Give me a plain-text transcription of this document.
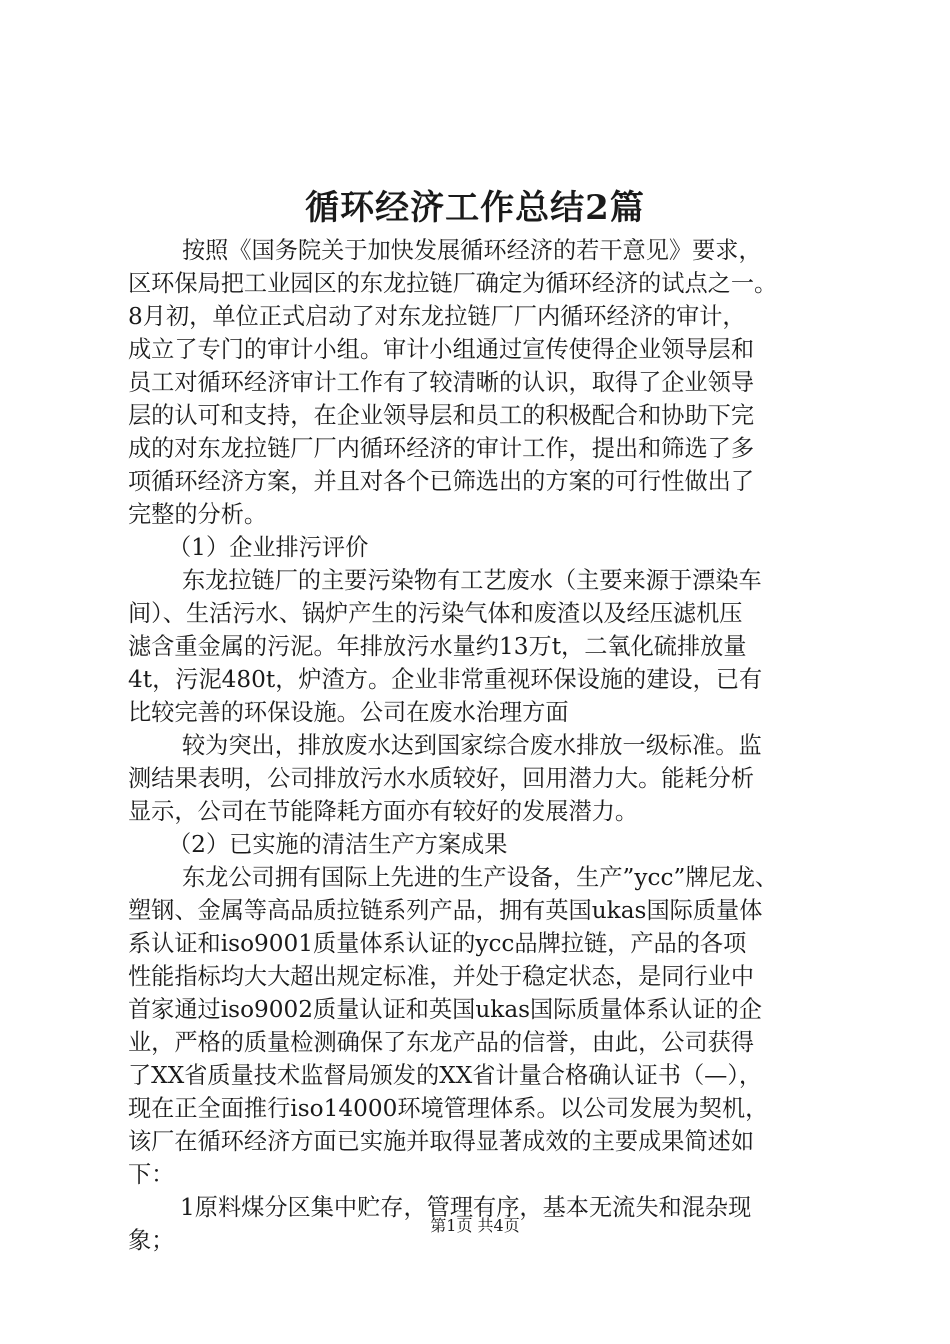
循环经济工作总结2篇
按照《国务院关于加快发展循环经济的若干意见》要求，
区环保局把工业园区的东龙拉链厂确定为循环经济的试点之一。
8月初，单位正式启动了对东龙拉链厂厂内循环经济的审计，
成立了专门的审计小组。审计小组通过宣传使得企业领导层和
员工对循环经济审计工作有了较清晰的认识，取得了企业领导
层的认可和支持，在企业领导层和员工的积极配合和协助下完
成的对东龙拉链厂厂内循环经济的审计工作，提出和筛选了多
项循环经济方案，并且对各个已筛选出的方案的可行性做出了
完整的分析。
（1）企业排污评价
东龙拉链厂的主要污染物有工艺废水（主要来源于漂染车
间）、生活污水、锅炉产生的污染气体和废渣以及经压滤机压
滤含重金属的污泥。年排放污水量约13万t，二氧化硫排放量
4t，污泥480t，炉渣方。企业非常重视环保设施的建设，已有
比较完善的环保设施。公司在废水治理方面
较为突出，排放废水达到国家综合废水排放一级标准。监
测结果表明，公司排放污水水质较好，回用潜力大。能耗分析
显示，公司在节能降耗方面亦有较好的发展潜力。
（2）已实施的清洁生产方案成果
东龙公司拥有国际上先进的生产设备，生产”ycc”牌尼龙、
塑钢、金属等高品质拉链系列产品，拥有英国ukas国际质量体
系认证和iso9001质量体系认证的ycc品牌拉链，产品的各项
性能指标均大大超出规定标准，并处于稳定状态，是同行业中
首家通过iso9002质量认证和英国ukas国际质量体系认证的企
业，严格的质量检测确保了东龙产品的信誉，由此，公司获得
了XX省质量技术监督局颁发的XX省计量合格确认证书（—），
现在正全面推行iso14000环境管理体系。以公司发展为契机，
该厂在循环经济方面已实施并取得显著成效的主要成果简述如
下：
1原料煤分区集中贮存，管理有序，基本无流失和混杂现
象；
第1页 共4页
